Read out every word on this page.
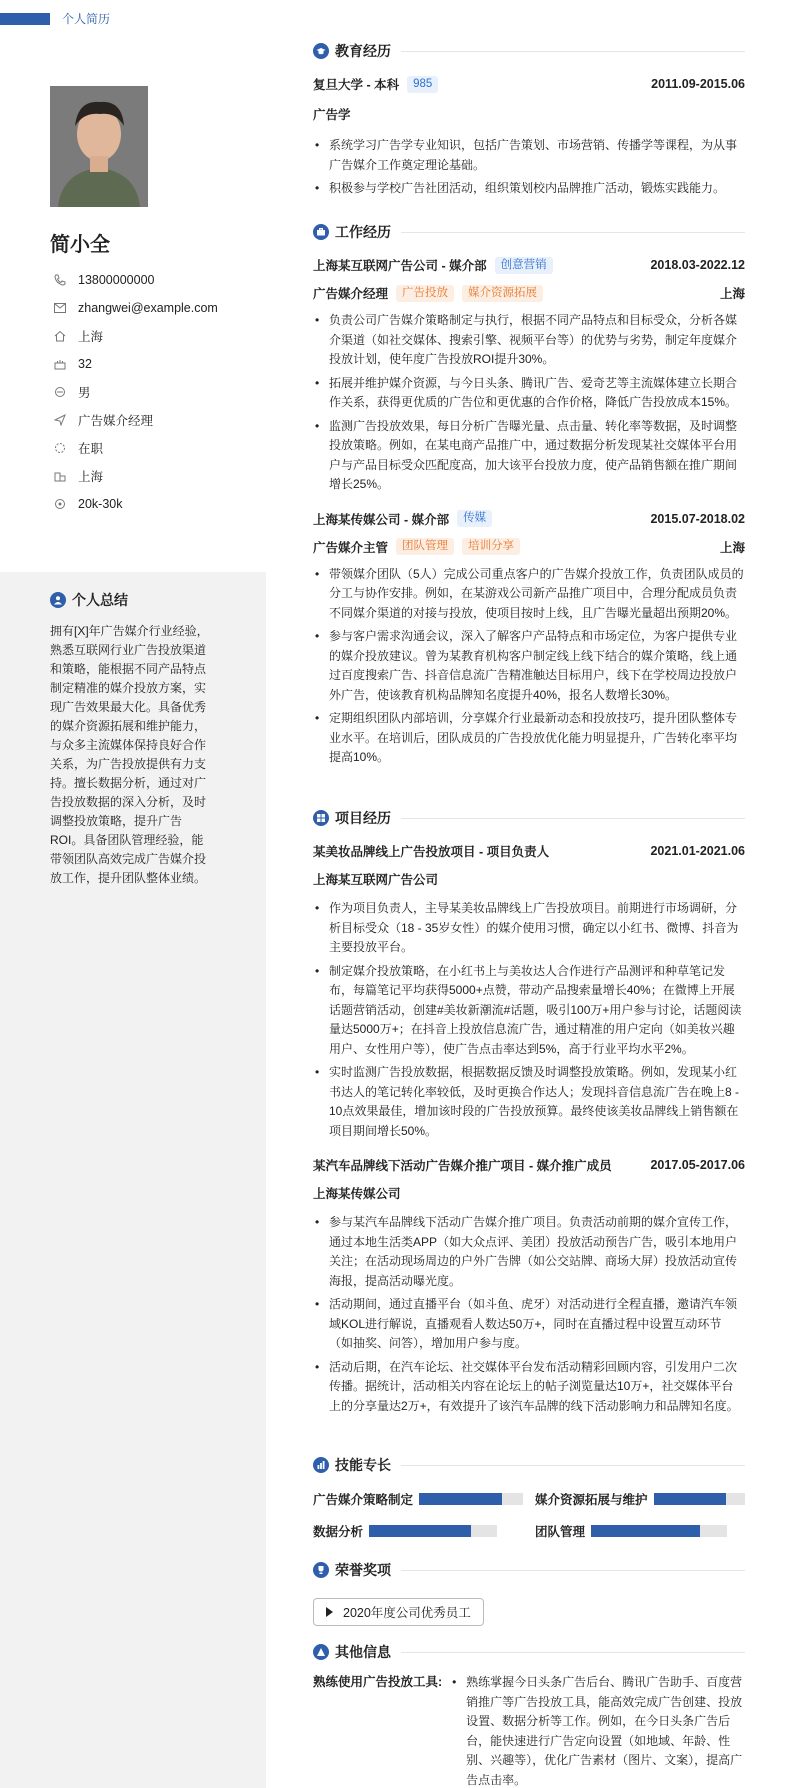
个人简历
简小全
13800000000
zhangwei@example.com
上海
32
男
广告媒介经理
在职
上海
20k-30k
个人总结
拥有[X]年广告媒介行业经验，熟悉互联网行业广告投放渠道和策略，能根据不同产品特点制定精准的媒介投放方案，实现广告效果最大化。具备优秀的媒介资源拓展和维护能力，与众多主流媒体保持良好合作关系，为广告投放提供有力支持。擅长数据分析，通过对广告投放数据的深入分析，及时调整投放策略，提升广告ROI。具备团队管理经验，能带领团队高效完成广告媒介投放工作，提升团队整体业绩。
教育经历
复旦大学 - 本科	985	2011.09-2015.06
广告学
• 系统学习广告学专业知识，包括广告策划、市场营销、传播学等课程，为从事广告媒介工作奠定理论基础。
• 积极参与学校广告社团活动，组织策划校内品牌推广活动，锻炼实践能力。
工作经历
上海某互联网广告公司 - 媒介部	创意营销	2018.03-2022.12
广告媒介经理	广告投放	媒介资源拓展	上海
• 负责公司广告媒介策略制定与执行，根据不同产品特点和目标受众，分析各媒介渠道（如社交媒体、搜索引擎、视频平台等）的优势与劣势，制定年度媒介投放计划，使年度广告投放ROI提升30%。
• 拓展并维护媒介资源，与今日头条、腾讯广告、爱奇艺等主流媒体建立长期合作关系，获得更优质的广告位和更优惠的合作价格，降低广告投放成本15%。
• 监测广告投放效果，每日分析广告曝光量、点击量、转化率等数据，及时调整投放策略。例如，在某电商产品推广中，通过数据分析发现某社交媒体平台用户与产品目标受众匹配度高，加大该平台投放力度，使产品销售额在推广期间增长25%。
上海某传媒公司 - 媒介部	传媒	2015.07-2018.02
广告媒介主管	团队管理	培训分享	上海
• 带领媒介团队（5人）完成公司重点客户的广告媒介投放工作，负责团队成员的分工与协作安排。例如，在某游戏公司新产品推广项目中，合理分配成员负责不同媒介渠道的对接与投放，使项目按时上线，且广告曝光量超出预期20%。
• 参与客户需求沟通会议，深入了解客户产品特点和市场定位，为客户提供专业的媒介投放建议。曾为某教育机构客户制定线上线下结合的媒介策略，线上通过百度搜索广告、抖音信息流广告精准触达目标用户，线下在学校周边投放户外广告，使该教育机构品牌知名度提升40%，报名人数增长30%。
• 定期组织团队内部培训，分享媒介行业最新动态和投放技巧，提升团队整体专业水平。在培训后，团队成员的广告投放优化能力明显提升，广告转化率平均提高10%。
项目经历
某美妆品牌线上广告投放项目 - 项目负责人	2021.01-2021.06
上海某互联网广告公司
• 作为项目负责人，主导某美妆品牌线上广告投放项目。前期进行市场调研，分析目标受众（18 - 35岁女性）的媒介使用习惯，确定以小红书、微博、抖音为主要投放平台。
• 制定媒介投放策略，在小红书上与美妆达人合作进行产品测评和种草笔记发布，每篇笔记平均获得5000+点赞，带动产品搜索量增长40%；在微博上开展话题营销活动，创建#美妆新潮流#话题，吸引100万+用户参与讨论，话题阅读量达5000万+；在抖音上投放信息流广告，通过精准的用户定向（如美妆兴趣用户、女性用户等），使广告点击率达到5%，高于行业平均水平2%。
• 实时监测广告投放数据，根据数据反馈及时调整投放策略。例如，发现某小红书达人的笔记转化率较低，及时更换合作达人；发现抖音信息流广告在晚上8 - 10点效果最佳，增加该时段的广告投放预算。最终使该美妆品牌线上销售额在项目期间增长50%。
某汽车品牌线下活动广告媒介推广项目 - 媒介推广成员	2017.05-2017.06
上海某传媒公司
• 参与某汽车品牌线下活动广告媒介推广项目。负责活动前期的媒介宣传工作，通过本地生活类APP（如大众点评、美团）投放活动预告广告，吸引本地用户关注；在活动现场周边的户外广告牌（如公交站牌、商场大屏）投放活动宣传海报，提高活动曝光度。
• 活动期间，通过直播平台（如斗鱼、虎牙）对活动进行全程直播，邀请汽车领域KOL进行解说，直播观看人数达50万+，同时在直播过程中设置互动环节（如抽奖、问答），增加用户参与度。
• 活动后期，在汽车论坛、社交媒体平台发布活动精彩回顾内容，引发用户二次传播。据统计，活动相关内容在论坛上的帖子浏览量达10万+，社交媒体平台上的分享量达2万+，有效提升了该汽车品牌的线下活动影响力和品牌知名度。
技能专长
广告媒介策略制定	媒介资源拓展与维护
数据分析	团队管理
荣誉奖项
2020年度公司优秀员工
其他信息
熟练使用广告投放工具:
•	熟练掌握今日头条广告后台、腾讯广告助手、百度营销推广等广告投放工具，能高效完成广告创建、投放设置、数据分析等工作。例如，在今日头条广告后台，能快速进行广告定向设置（如地域、年龄、性别、兴趣等），优化广告素材（图片、文案），提高广告点击率。
